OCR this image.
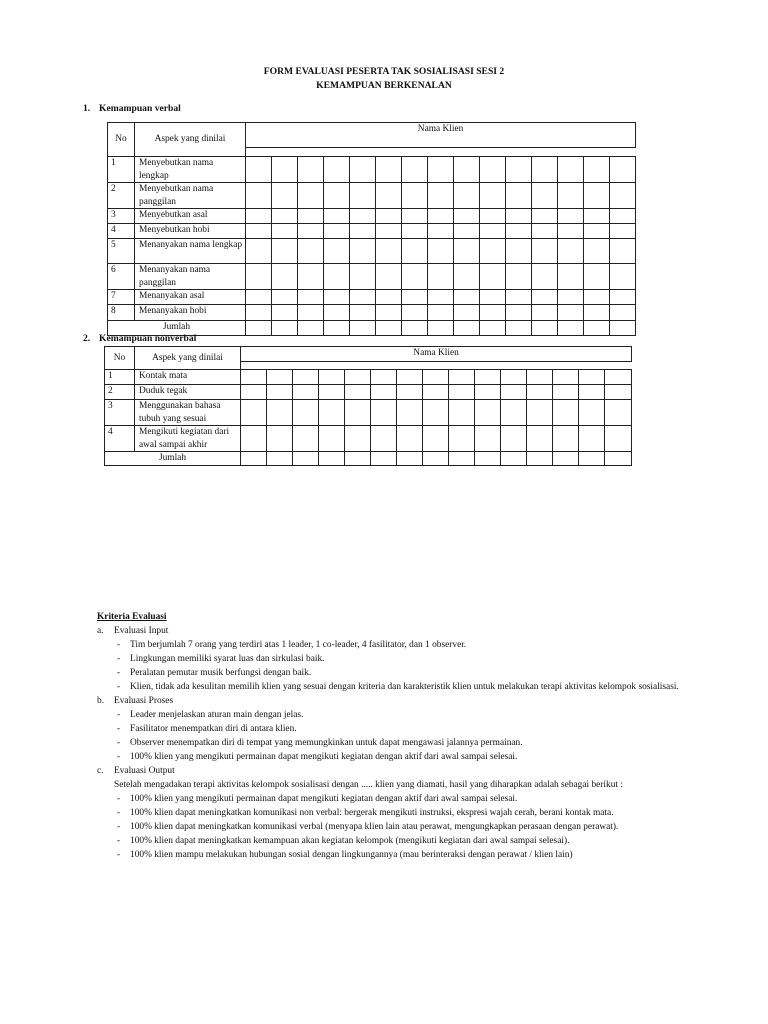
FORM EVALUASI PESERTA TAK SOSIALISASI SESI 2
KEMAMPUAN BERKENALAN
1. Kemampuan verbal
No	Aspek yang dinilai	Nama Klien														

1	Menyebutkan nama lengkap															
2	Menyebutkan nama panggilan															
3	Menyebutkan asal															
4	Menyebutkan hobi															
5	Menanyakan nama lengkap															
6	Menanyakan nama panggilan															
7	Menanyakan asal															
8	Menanyakan hobi															
Jumlah																
2. Kemampuan nonverbal
No	Aspek yang dinilai	Nama Klien														

1	Kontak mata															
2	Duduk tegak															
3	Menggunakan bahasa tubuh yang sesuai															
4	Mengikuti kegiatan dari awal sampai akhir															
Jumlah																
Kriteria Evaluasi
a. Evaluasi Input
- Tim berjumlah 7 orang yang terdiri atas 1 leader, 1 co-leader, 4 fasilitator, dan 1 observer.
- Lingkungan memiliki syarat luas dan sirkulasi baik.
- Peralatan pemutar musik berfungsi dengan baik.
- Klien, tidak ada kesulitan memilih klien yang sesuai dengan kriteria dan karakteristik klien untuk melakukan terapi aktivitas kelompok sosialisasi.
b. Evaluasi Proses
- Leader menjelaskan aturan main dengan jelas.
- Fasilitator menempatkan diri di antara klien.
- Observer menempatkan diri di tempat yang memungkinkan untuk dapat mengawasi jalannya permainan.
- 100% klien yang mengikuti permainan dapat mengikuti kegiatan dengan aktif dari awal sampai selesai.
c. Evaluasi Output
Setelah mengadakan terapi aktivitas kelompok sosialisasi dengan ..... klien yang diamati, hasil yang diharapkan adalah sebagai berikut :
- 100% klien yang mengikuti permainan dapat mengikuti kegiatan dengan aktif dari awal sampai selesai.
- 100% klien dapat meningkatkan komunikasi non verbal: bergerak mengikuti instruksi, ekspresi wajah cerah, berani kontak mata.
- 100% klien dapat meningkatkan komunikasi verbal (menyapa klien lain atau perawat, mengungkapkan perasaan dengan perawat).
- 100% klien dapat meningkatkan kemampuan akan kegiatan kelompok (mengikuti kegiatan dari awal sampai selesai).
- 100% klien mampu melakukan hubungan sosial dengan lingkungannya (mau berinteraksi dengan perawat / klien lain)
